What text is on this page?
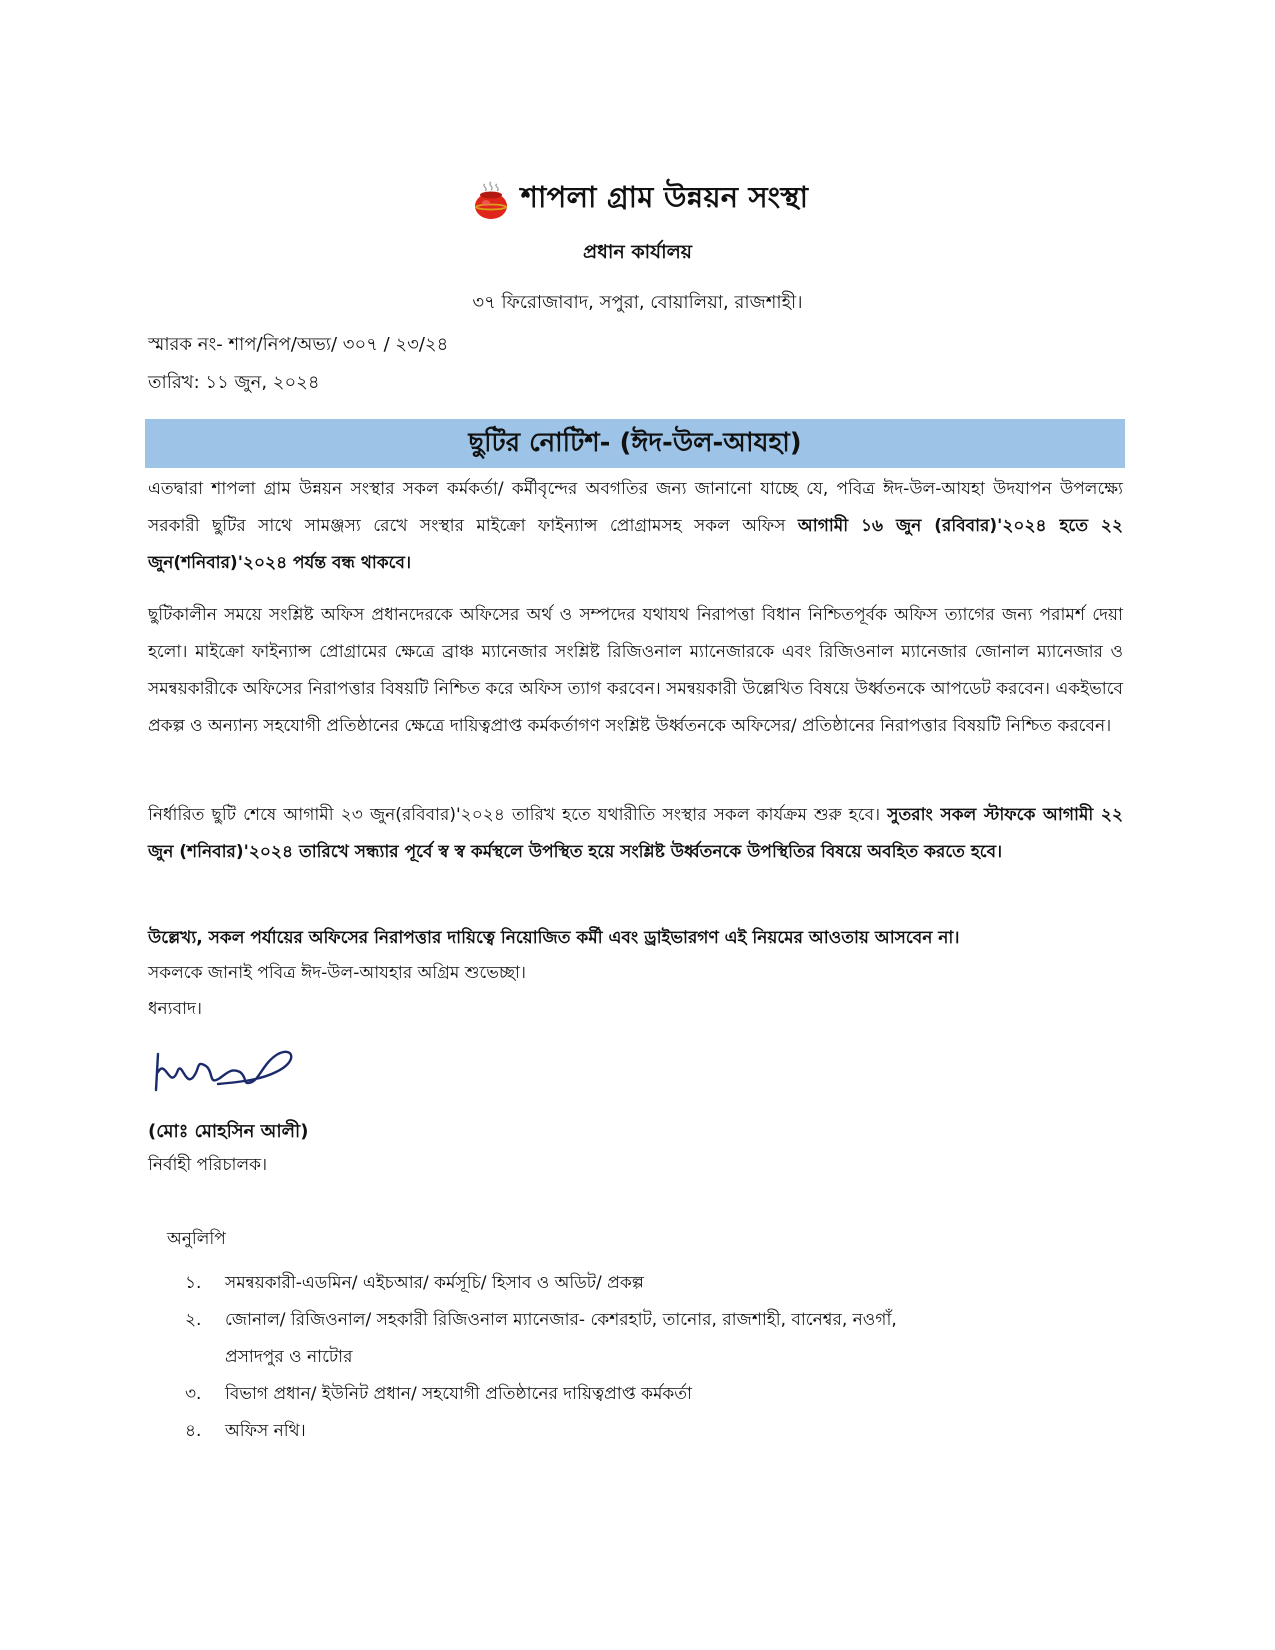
শাপলা গ্রাম উন্নয়ন সংস্থা
প্রধান কার্যালয়
৩৭ ফিরোজাবাদ, সপুরা, বোয়ালিয়া, রাজশাহী।
স্মারক নং- শাপ/নিপ/অভ্য/ ৩০৭ / ২৩/২৪
তারিখ: ১১ জুন, ২০২৪
ছুটির নোটিশ- (ঈদ-উল-আযহা)
এতদ্বারা শাপলা গ্রাম উন্নয়ন সংস্থার সকল কর্মকর্তা/ কর্মীবৃন্দের অবগতির জন্য জানানো যাচ্ছে যে, পবিত্র ঈদ-উল-আযহা উদযাপন উপলক্ষ্যে সরকারী ছুটির সাথে সামঞ্জস্য রেখে সংস্থার মাইক্রো ফাইন্যান্স প্রোগ্রামসহ সকল অফিস আগামী ১৬ জুন (রবিবার)'২০২৪ হতে ২২ জুন(শনিবার)'২০২৪ পর্যন্ত বন্ধ থাকবে।
ছুটিকালীন সময়ে সংশ্লিষ্ট অফিস প্রধানদেরকে অফিসের অর্থ ও সম্পদের যথাযথ নিরাপত্তা বিধান নিশ্চিতপূর্বক অফিস ত্যাগের জন্য পরামর্শ দেয়া হলো। মাইক্রো ফাইন্যান্স প্রোগ্রামের ক্ষেত্রে ব্রাঞ্চ ম্যানেজার সংশ্লিষ্ট রিজিওনাল ম্যানেজারকে এবং রিজিওনাল ম্যানেজার জোনাল ম্যানেজার ও সমন্বয়কারীকে অফিসের নিরাপত্তার বিষয়টি নিশ্চিত করে অফিস ত্যাগ করবেন। সমন্বয়কারী উল্লেখিত বিষয়ে উর্ধ্বতনকে আপডেট করবেন। একইভাবে প্রকল্প ও অন্যান্য সহযোগী প্রতিষ্ঠানের ক্ষেত্রে দায়িত্বপ্রাপ্ত কর্মকর্তাগণ সংশ্লিষ্ট উর্ধ্বতনকে অফিসের/ প্রতিষ্ঠানের নিরাপত্তার বিষয়টি নিশ্চিত করবেন।
নির্ধারিত ছুটি শেষে আগামী ২৩ জুন(রবিবার)'২০২৪ তারিখ হতে যথারীতি সংস্থার সকল কার্যক্রম শুরু হবে। সুতরাং সকল স্টাফকে আগামী ২২ জুন (শনিবার)'২০২৪ তারিখে সন্ধ্যার পূর্বে স্ব স্ব কর্মস্থলে উপস্থিত হয়ে সংশ্লিষ্ট উর্ধ্বতনকে উপস্থিতির বিষয়ে অবহিত করতে হবে।
উল্লেখ্য, সকল পর্যায়ের অফিসের নিরাপত্তার দায়িত্বে নিয়োজিত কর্মী এবং ড্রাইভারগণ এই নিয়মের আওতায় আসবেন না।
সকলকে জানাই পবিত্র ঈদ-উল-আযহার অগ্রিম শুভেচ্ছা।
ধন্যবাদ।
(মোঃ মোহসিন আলী)
নির্বাহী পরিচালক।
অনুলিপি
১. সমন্বয়কারী-এডমিন/ এইচআর/ কর্মসূচি/ হিসাব ও অডিট/ প্রকল্প
২. জোনাল/ রিজিওনাল/ সহকারী রিজিওনাল ম্যানেজার- কেশরহাট, তানোর, রাজশাহী, বানেশ্বর, নওগাঁ, প্রসাদপুর ও নাটোর
৩. বিভাগ প্রধান/ ইউনিট প্রধান/ সহযোগী প্রতিষ্ঠানের দায়িত্বপ্রাপ্ত কর্মকর্তা
৪. অফিস নথি।
